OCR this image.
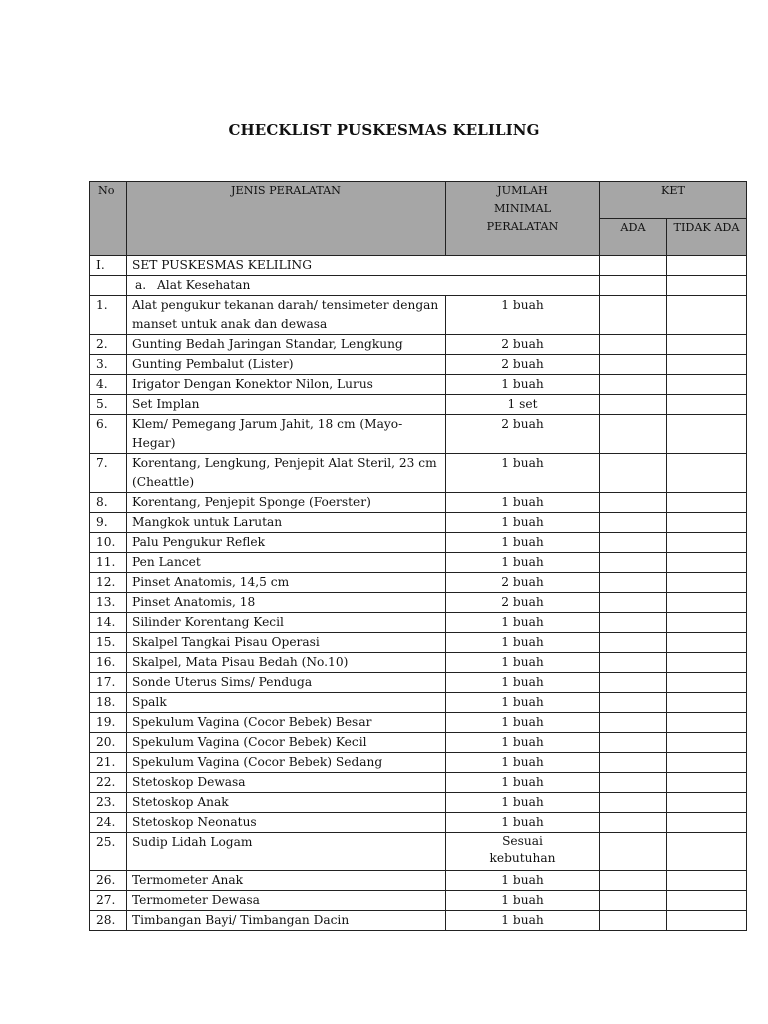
CHECKLIST PUSKESMAS KELILING
No	JENIS PERALATAN	JUMLAH MINIMAL PERALATAN	KET	
			ADA	TIDAK ADA
I.	SET PUSKESMAS KELILING			
	a. Alat Kesehatan			
1.	Alat pengukur tekanan darah/ tensimeter dengan manset untuk anak dan dewasa	1 buah		
2.	Gunting Bedah Jaringan Standar, Lengkung	2 buah		
3.	Gunting Pembalut (Lister)	2 buah		
4.	Irigator Dengan Konektor Nilon, Lurus	1 buah		
5.	Set Implan	1 set		
6.	Klem/ Pemegang Jarum Jahit, 18 cm (Mayo-Hegar)	2 buah		
7.	Korentang, Lengkung, Penjepit Alat Steril, 23 cm (Cheattle)	1 buah		
8.	Korentang, Penjepit Sponge (Foerster)	1 buah		
9.	Mangkok untuk Larutan	1 buah		
10.	Palu Pengukur Reflek	1 buah		
11.	Pen Lancet	1 buah		
12.	Pinset Anatomis, 14,5 cm	2 buah		
13.	Pinset Anatomis, 18	2 buah		
14.	Silinder Korentang Kecil	1 buah		
15.	Skalpel Tangkai Pisau Operasi	1 buah		
16.	Skalpel, Mata Pisau Bedah (No.10)	1 buah		
17.	Sonde Uterus Sims/ Penduga	1 buah		
18.	Spalk	1 buah		
19.	Spekulum Vagina (Cocor Bebek) Besar	1 buah		
20.	Spekulum Vagina (Cocor Bebek) Kecil	1 buah		
21.	Spekulum Vagina (Cocor Bebek) Sedang	1 buah		
22.	Stetoskop Dewasa	1 buah		
23.	Stetoskop Anak	1 buah		
24.	Stetoskop Neonatus	1 buah		
25.	Sudip Lidah Logam	Sesuai kebutuhan		
26.	Termometer Anak	1 buah		
27.	Termometer Dewasa	1 buah		
28.	Timbangan Bayi/ Timbangan Dacin	1 buah		
